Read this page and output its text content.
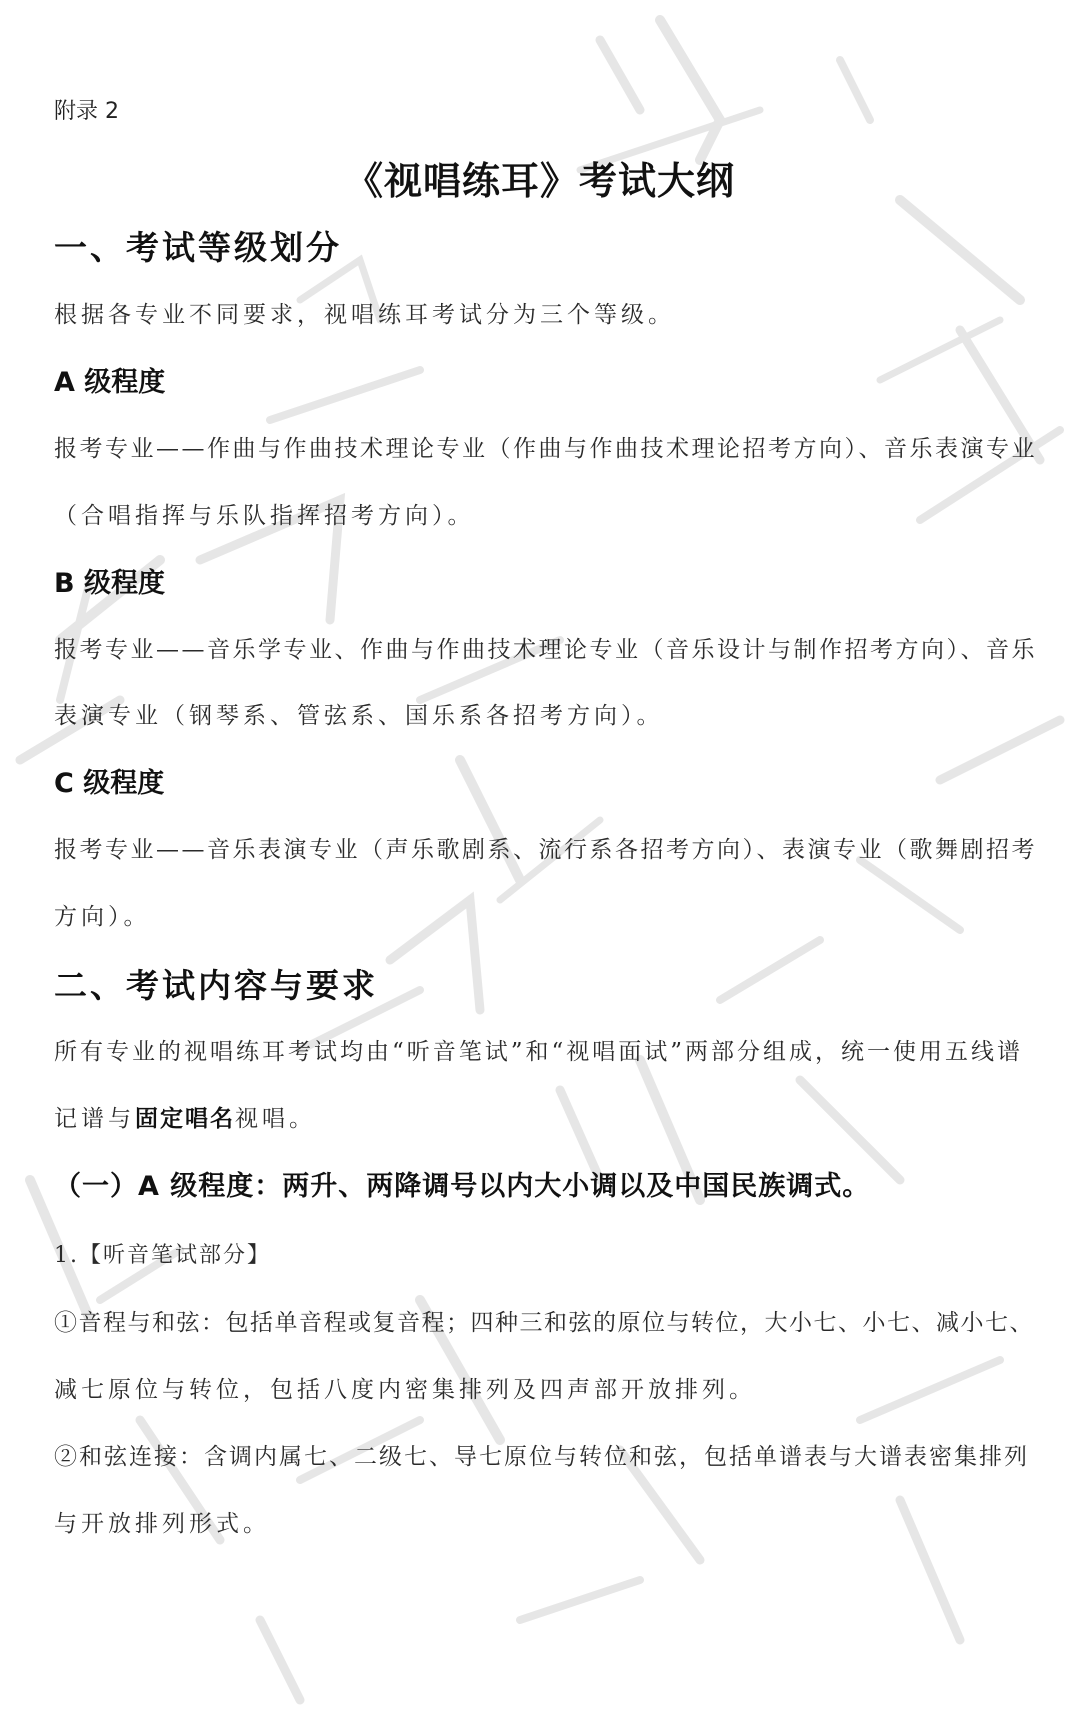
附录 2
《视唱练耳》考试大纲
一、考试等级划分
根据各专业不同要求，视唱练耳考试分为三个等级。
A 级程度
报考专业——作曲与作曲技术理论专业（作曲与作曲技术理论招考方向）、音乐表演专业
（合唱指挥与乐队指挥招考方向）。
B 级程度
报考专业——音乐学专业、作曲与作曲技术理论专业（音乐设计与制作招考方向）、音乐
表演专业（钢琴系、管弦系、国乐系各招考方向）。
C 级程度
报考专业——音乐表演专业（声乐歌剧系、流行系各招考方向）、表演专业（歌舞剧招考
方向）。
二、考试内容与要求
所有专业的视唱练耳考试均由“听音笔试”和“视唱面试”两部分组成，统一使用五线谱
记谱与固定唱名视唱。
（一）A 级程度：两升、两降调号以内大小调以及中国民族调式。
1.【听音笔试部分】
①音程与和弦：包括单音程或复音程；四种三和弦的原位与转位，大小七、小七、减小七、
减七原位与转位，包括八度内密集排列及四声部开放排列。
②和弦连接：含调内属七、二级七、导七原位与转位和弦，包括单谱表与大谱表密集排列
与开放排列形式。
